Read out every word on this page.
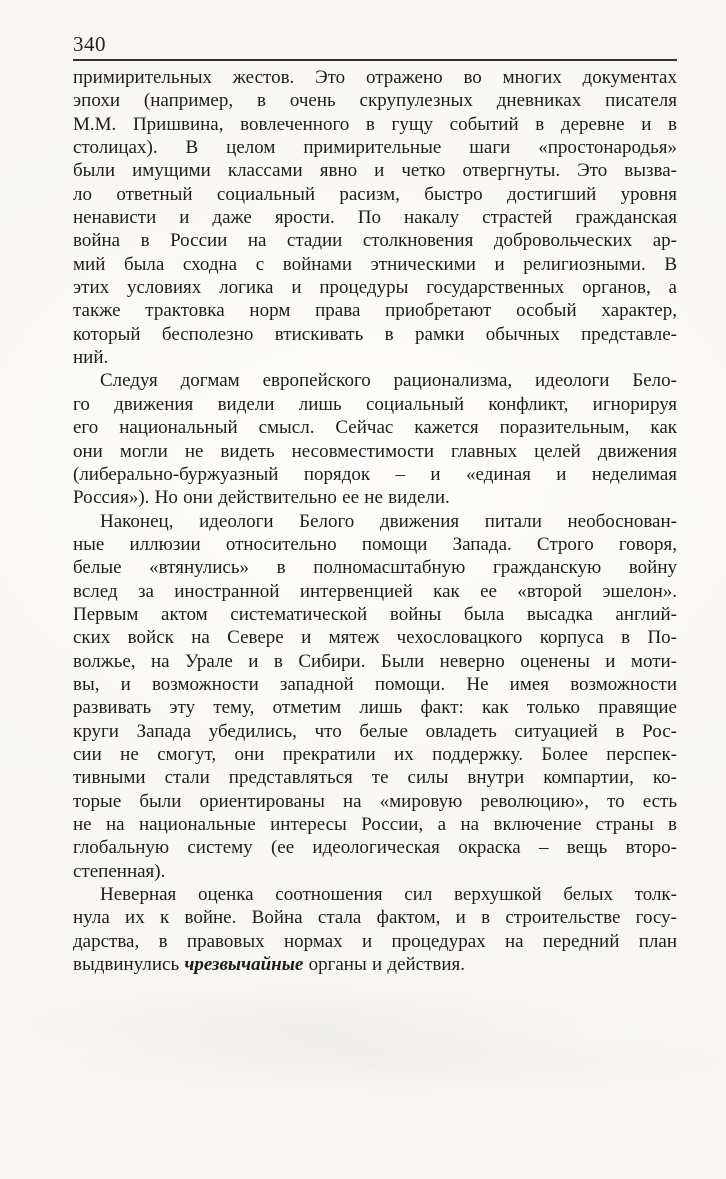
340
примирительных жестов. Это отражено во многих документах
эпохи (например, в очень скрупулезных дневниках писателя
М.М. Пришвина, вовлеченного в гущу событий в деревне и в
столицах). В целом примирительные шаги «простонародья»
были имущими классами явно и четко отвергнуты. Это вызва-
ло ответный социальный расизм, быстро достигший уровня
ненависти и даже ярости. По накалу страстей гражданская
война в России на стадии столкновения добровольческих ар-
мий была сходна с войнами этническими и религиозными. В
этих условиях логика и процедуры государственных органов, а
также трактовка норм права приобретают особый характер,
который бесполезно втискивать в рамки обычных представле-
ний.
Следуя догмам европейского рационализма, идеологи Бело-
го движения видели лишь социальный конфликт, игнорируя
его национальный смысл. Сейчас кажется поразительным, как
они могли не видеть несовместимости главных целей движения
(либерально-буржуазный порядок – и «единая и неделимая
Россия»). Но они действительно ее не видели.
Наконец, идеологи Белого движения питали необоснован-
ные иллюзии относительно помощи Запада. Строго говоря,
белые «втянулись» в полномасштабную гражданскую войну
вслед за иностранной интервенцией как ее «второй эшелон».
Первым актом систематической войны была высадка англий-
ских войск на Севере и мятеж чехословацкого корпуса в По-
волжье, на Урале и в Сибири. Были неверно оценены и моти-
вы, и возможности западной помощи. Не имея возможности
развивать эту тему, отметим лишь факт: как только правящие
круги Запада убедились, что белые овладеть ситуацией в Рос-
сии не смогут, они прекратили их поддержку. Более перспек-
тивными стали представляться те силы внутри компартии, ко-
торые были ориентированы на «мировую революцию», то есть
не на национальные интересы России, а на включение страны в
глобальную систему (ее идеологическая окраска – вещь второ-
степенная).
Неверная оценка соотношения сил верхушкой белых толк-
нула их к войне. Война стала фактом, и в строительстве госу-
дарства, в правовых нормах и процедурах на передний план
выдвинулись чрезвычайные органы и действия.
